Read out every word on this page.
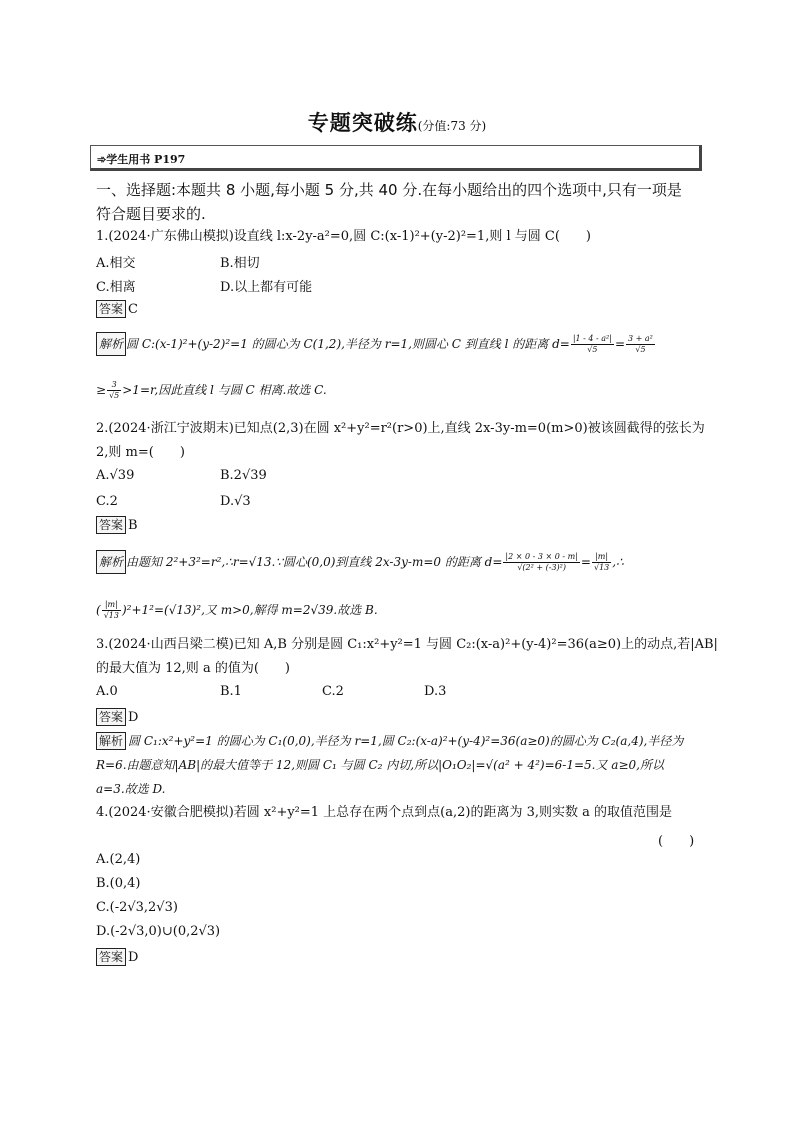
专题突破练(分值:73 分)
➾学生用书 P197
一、选择题:本题共 8 小题,每小题 5 分,共 40 分.在每小题给出的四个选项中,只有一项是符合题目要求的.
1.(2024·广东佛山模拟)设直线 l:x-2y-a²=0,圆 C:(x-1)²+(y-2)²=1,则 l 与圆 C(　　)
A.相交	B.相切
C.相离	D.以上都有可能
答案 C
解析 圆 C:(x-1)²+(y-2)²=1 的圆心为 C(1,2),半径为 r=1,则圆心 C 到直线 l 的距离 $d= \frac{\text{|1 - 4 - a²|}}{√5} = \frac{\text{3 + a²}}{√5}$
≥ $\frac{3}{√5} >1=r$,因此直线 l 与圆 C 相离.故选 C.
2.(2024·浙江宁波期末)已知点(2,3)在圆 x²+y²=r²(r>0)上,直线 2x-3y-m=0(m>0)被该圆截得的弦长为
2,则 m=(　　)
A.√39	B.2√39
C.2	D.√3
答案 B
解析 由题知 2²+3²=r²,∴r=√13.∵圆心(0,0)到直线 2x-3y-m=0 的距离 $d= \frac{|2 \times 0 - 3 \times 0 - m|}{\text{√(2² + (-3)²)}} = \frac{|m|}{√13}$ ,∴
( $\frac{|m|}{√13} )^2+1^2=(√13)^2$,又 m>0,解得 m=2√39.故选 B.
3.(2024·山西吕梁二模)已知 A,B 分别是圆 C₁:x²+y²=1 与圆 C₂:(x-a)²+(y-4)²=36(a≥0)上的动点,若|AB|
的最大值为 12,则 a 的值为(　　)
A.0	B.1	C.2	D.3
答案 D
解析 圆 C₁:x²+y²=1 的圆心为 C₁(0,0),半径为 r=1,圆 C₂:(x-a)²+(y-4)²=36(a≥0)的圆心为 C₂(a,4),半径为
R=6.由题意知|AB|的最大值等于 12,则圆 C₁ 与圆 C₂ 内切,所以|O₁O₂|=√(a² + 4²)=6-1=5.又 a≥0,所以
a=3.故选 D.
4.(2024·安徽合肥模拟)若圆 x²+y²=1 上总存在两个点到点(a,2)的距离为 3,则实数 a 的取值范围是
(　　)
A.(2,4)
B.(0,4)
C.(-2√3,2√3)
D.(-2√3,0)∪(0,2√3)
答案 D
